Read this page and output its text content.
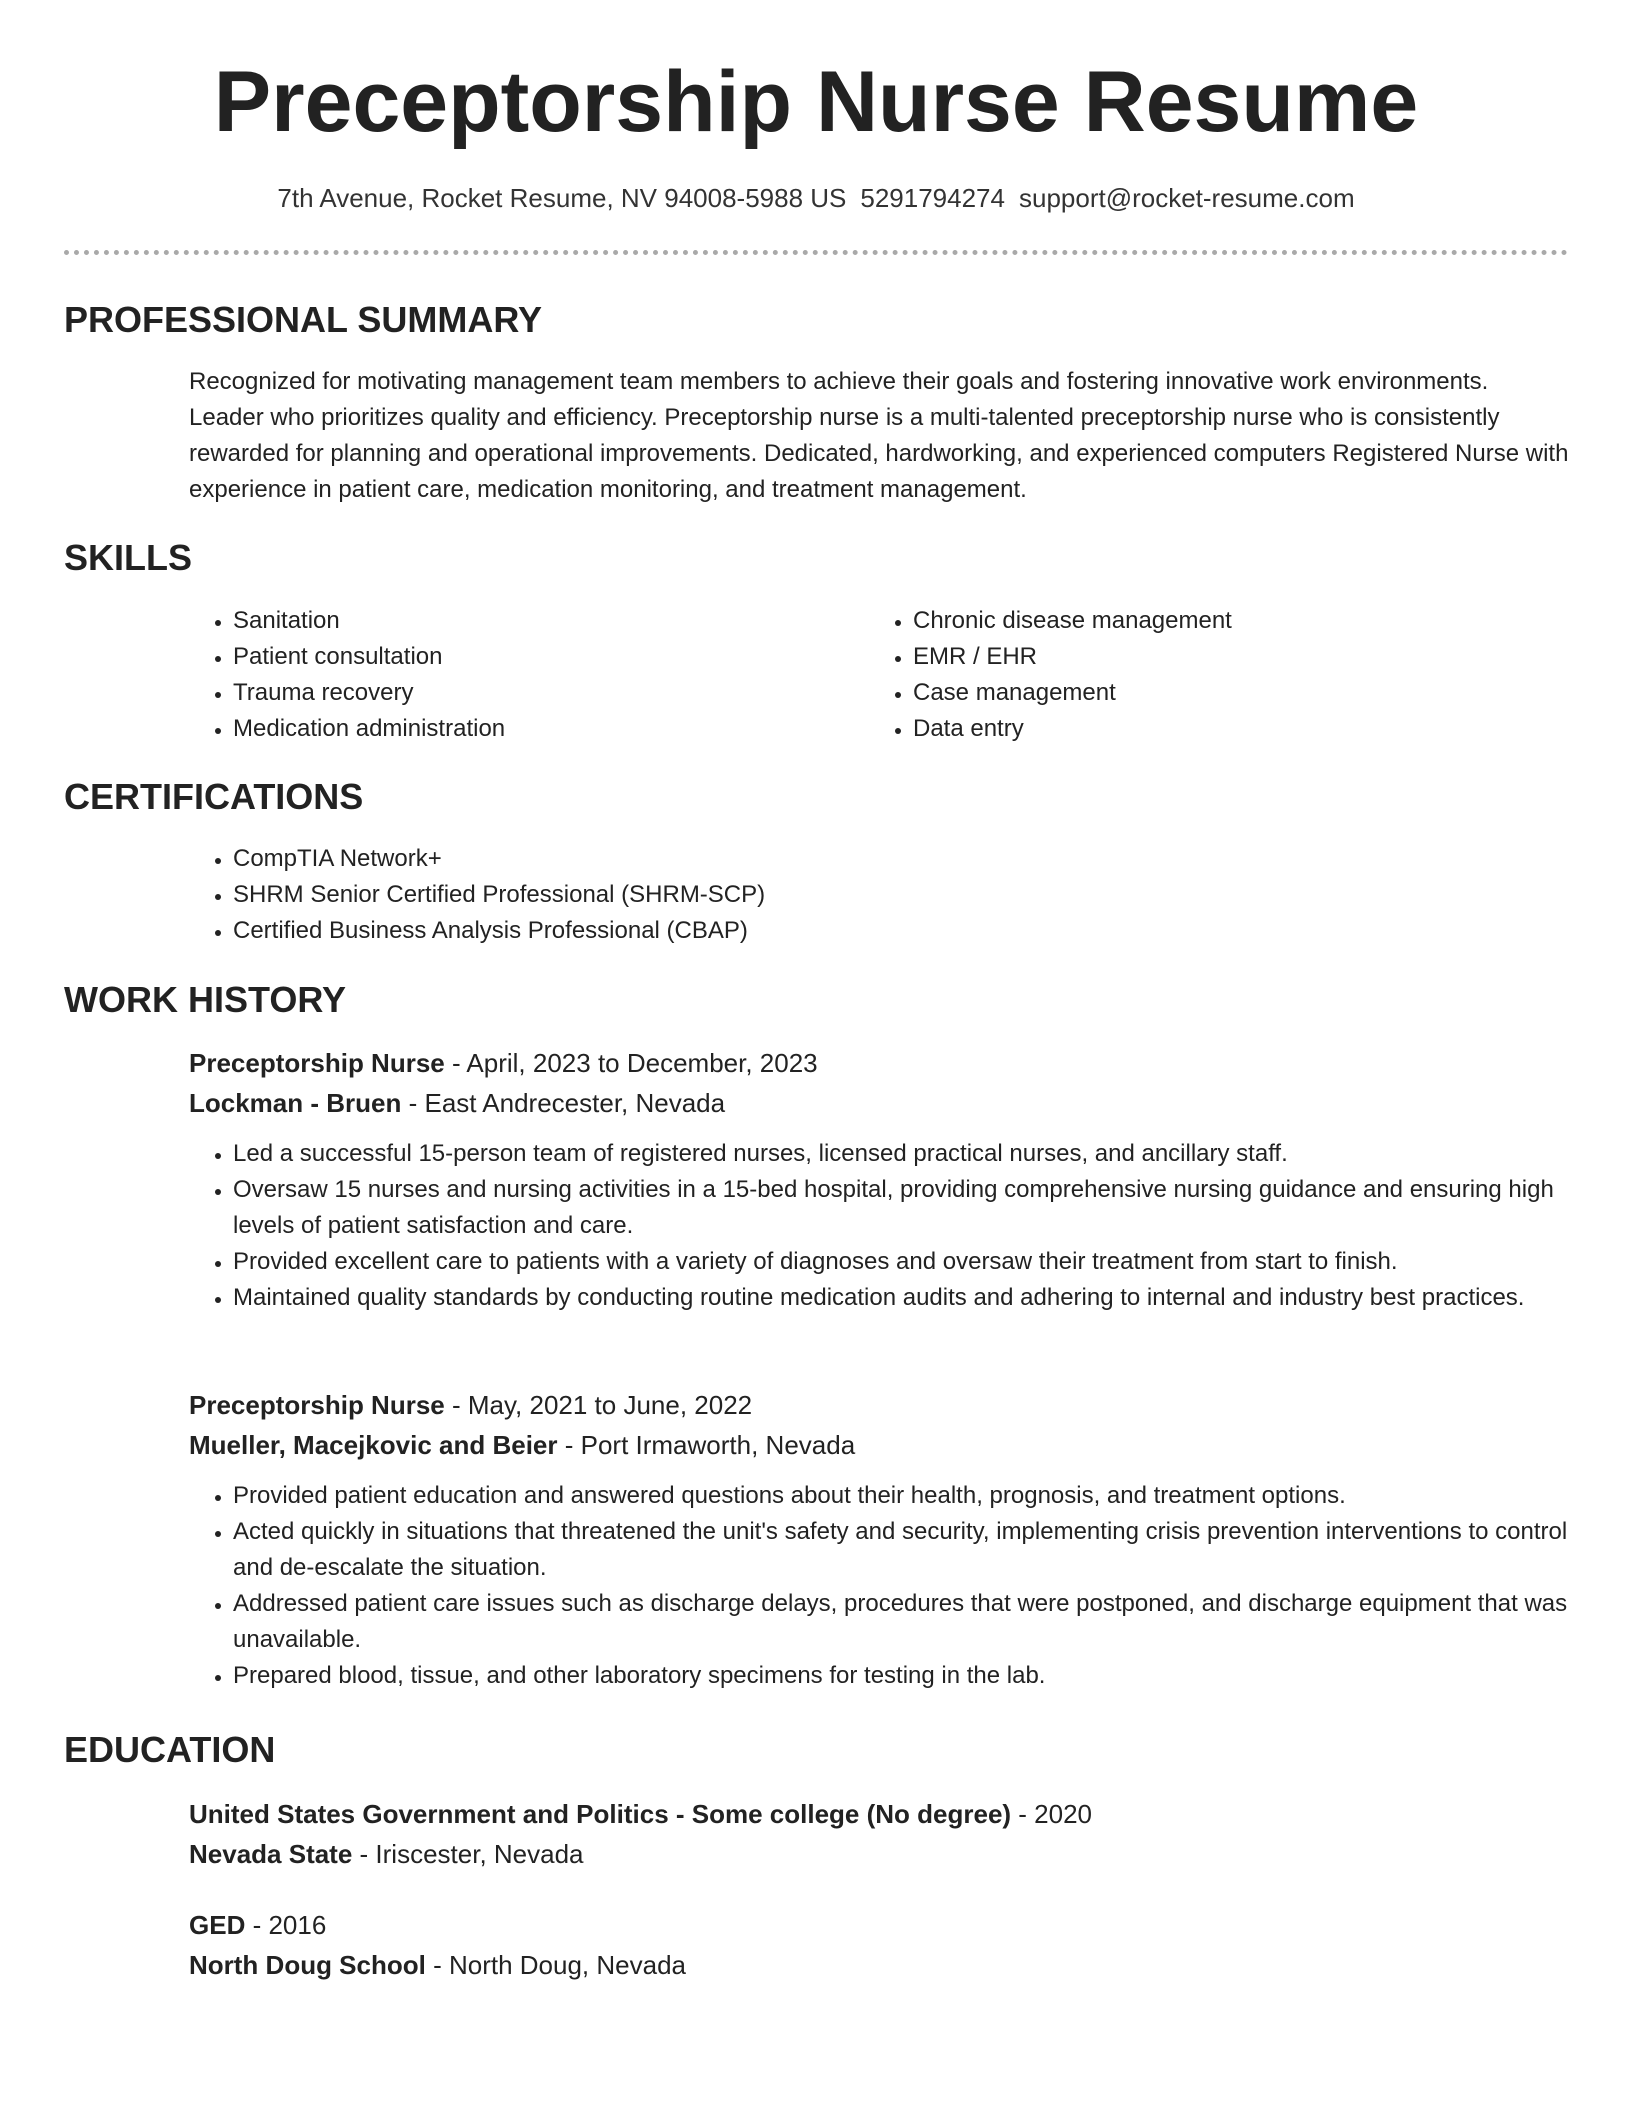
Preceptorship Nurse Resume
7th Avenue, Rocket Resume, NV 94008-5988 US 5291794274 support@rocket-resume.com
PROFESSIONAL SUMMARY
Recognized for motivating management team members to achieve their goals and fostering innovative work environments. Leader who prioritizes quality and efficiency. Preceptorship nurse is a multi-talented preceptorship nurse who is consistently rewarded for planning and operational improvements. Dedicated, hardworking, and experienced computers Registered Nurse with experience in patient care, medication monitoring, and treatment management.
SKILLS
• Sanitation
• Patient consultation
• Trauma recovery
• Medication administration
• Chronic disease management
• EMR / EHR
• Case management
• Data entry
CERTIFICATIONS
• CompTIA Network+
• SHRM Senior Certified Professional (SHRM-SCP)
• Certified Business Analysis Professional (CBAP)
WORK HISTORY
Preceptorship Nurse - April, 2023 to December, 2023
Lockman - Bruen - East Andrecester, Nevada
• Led a successful 15-person team of registered nurses, licensed practical nurses, and ancillary staff.
• Oversaw 15 nurses and nursing activities in a 15-bed hospital, providing comprehensive nursing guidance and ensuring high levels of patient satisfaction and care.
• Provided excellent care to patients with a variety of diagnoses and oversaw their treatment from start to finish.
• Maintained quality standards by conducting routine medication audits and adhering to internal and industry best practices.
Preceptorship Nurse - May, 2021 to June, 2022
Mueller, Macejkovic and Beier - Port Irmaworth, Nevada
• Provided patient education and answered questions about their health, prognosis, and treatment options.
• Acted quickly in situations that threatened the unit's safety and security, implementing crisis prevention interventions to control and de-escalate the situation.
• Addressed patient care issues such as discharge delays, procedures that were postponed, and discharge equipment that was unavailable.
• Prepared blood, tissue, and other laboratory specimens for testing in the lab.
EDUCATION
United States Government and Politics - Some college (No degree) - 2020
Nevada State - Iriscester, Nevada
GED - 2016
North Doug School - North Doug, Nevada
